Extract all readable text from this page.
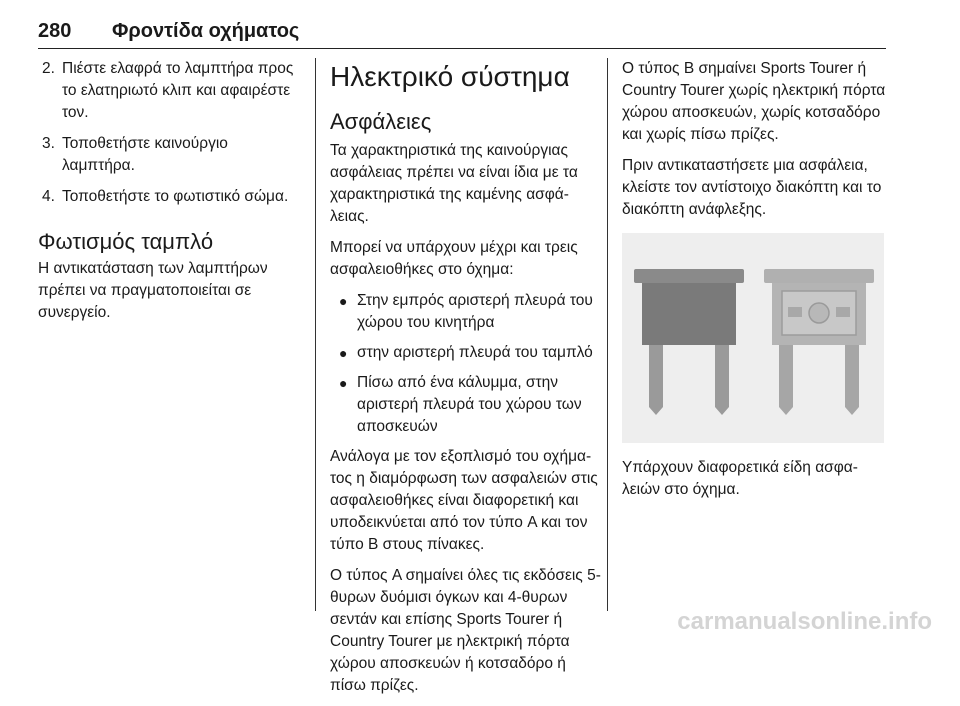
280 Φροντίδα οχήματος
2. Πιέστε ελαφρά το λαμπτήρα προς το ελατηριωτό κλιπ και αφαιρέστε τον.
3. Τοποθετήστε καινούργιο λαμπτήρα.
4. Τοποθετήστε το φωτιστικό σώμα.
Φωτισμός ταμπλό

Η αντικατάσταση των λαμπτήρων πρέπει να πραγματοποιείται σε συνεργείο.

Ηλεκτρικό σύστημα
Ασφάλειες

Τα χαρακτηριστικά της καινούργιας ασφάλειας πρέπει να είναι ίδια με τα χαρακτηριστικά της καμένης ασφά-λειας.

Μπορεί να υπάρχουν μέχρι και τρεις ασφαλειοθήκες στο όχημα:

● Στην εμπρός αριστερή πλευρά του χώρου του κινητήρα
● στην αριστερή πλευρά του ταμπλό
● Πίσω από ένα κάλυμμα, στην αριστερή πλευρά του χώρου των αποσκευών

Ανάλογα με τον εξοπλισμό του οχήμα-τος η διαμόρφωση των ασφαλειών στις ασφαλειοθήκες είναι διαφορετική και υποδεικνύεται από τον τύπο A και τον τύπο B στους πίνακες.

Ο τύπος A σημαίνει όλες τις εκδόσεις 5-θυρων δυόμισι όγκων και 4-θυρων σεντάν και επίσης Sports Tourer ή Country Tourer με ηλεκτρική πόρτα χώρου αποσκευών ή κοτσαδόρο ή πίσω πρίζες.

Ο τύπος B σημαίνει Sports Tourer ή Country Tourer χωρίς ηλεκτρική πόρτα χώρου αποσκευών, χωρίς κοτσαδόρο και χωρίς πίσω πρίζες.

Πριν αντικαταστήσετε μια ασφάλεια, κλείστε τον αντίστοιχο διακόπτη και το διακόπτη ανάφλεξης.

Υπάρχουν διαφορετικά είδη ασφα-λειών στο όχημα.

carmanualsonline.info
